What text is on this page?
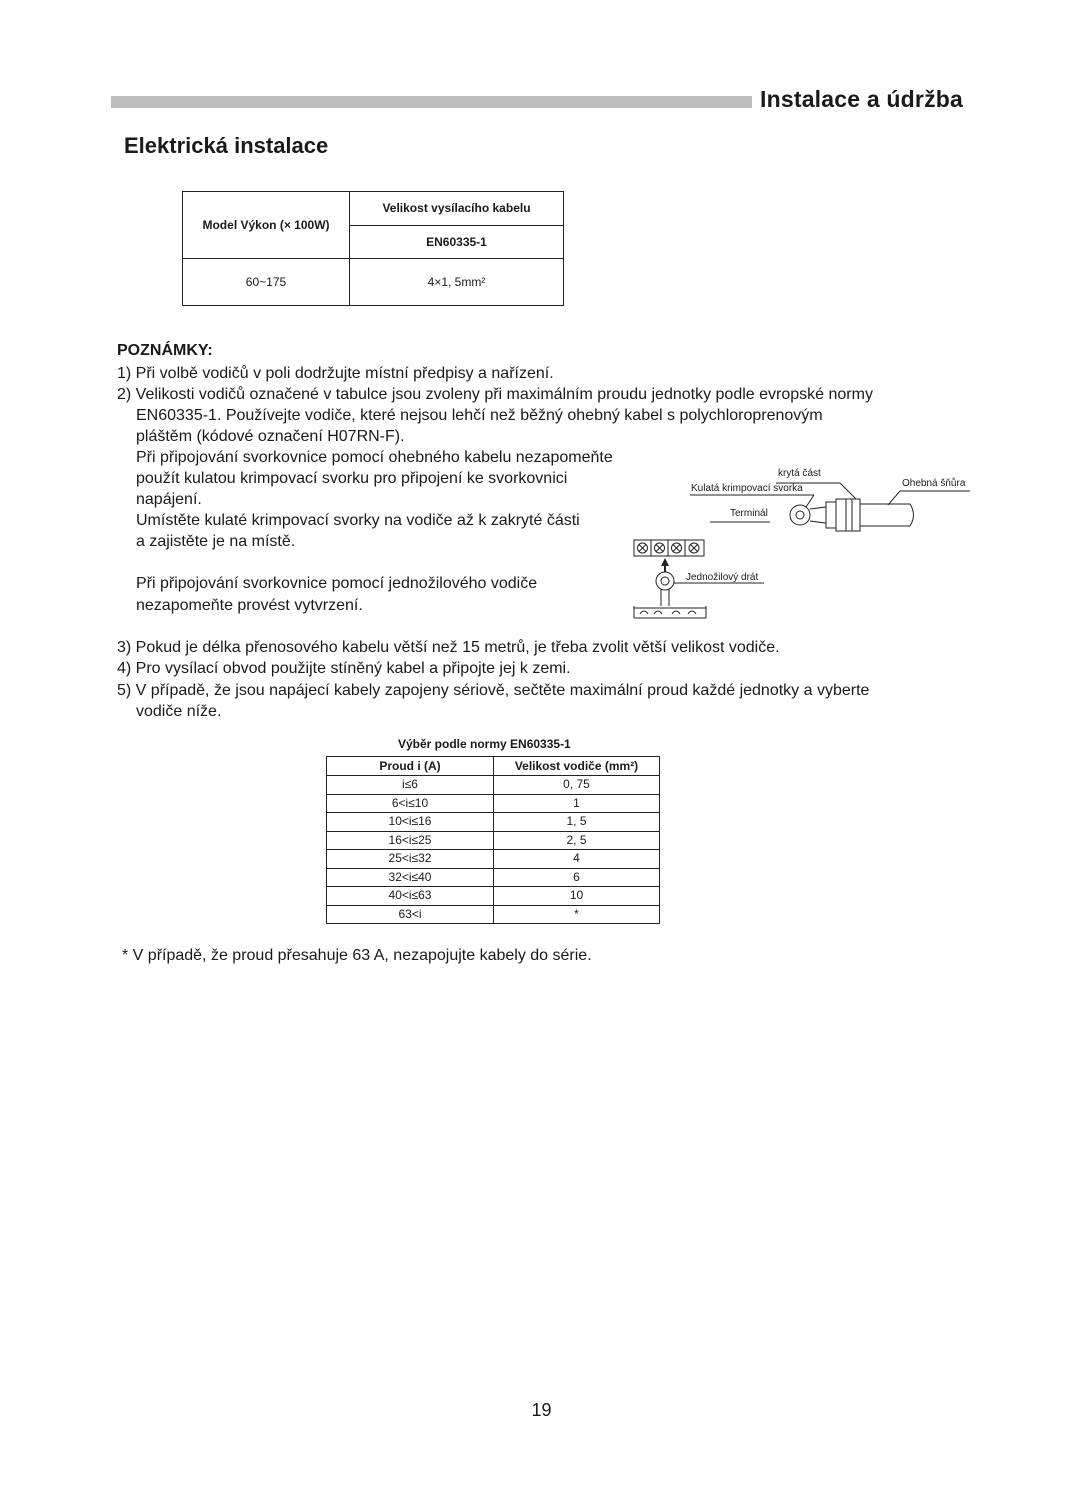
Instalace a údržba
Elektrická instalace
Model Výkon (× 100W)	Velikost vysílacího kabelu
	EN60335-1
60~175	4×1, 5mm²
POZNÁMKY:
1) Při volbě vodičů v poli dodržujte místní předpisy a nařízení.
2) Velikosti vodičů označené v tabulce jsou zvoleny při maximálním proudu jednotky podle evropské normy
EN60335-1. Používejte vodiče, které nejsou lehčí než běžný ohebný kabel s polychloroprenovým
pláštěm (kódové označení H07RN-F).
Při připojování svorkovnice pomocí ohebného kabelu nezapomeňte
použít kulatou krimpovací svorku pro připojení ke svorkovnici
napájení.
Umístěte kulaté krimpovací svorky na vodiče až k zakryté části
a zajistěte je na místě.
Při připojování svorkovnice pomocí jednožilového vodiče
nezapomeňte provést vytvrzení.
3) Pokud je délka přenosového kabelu větší než 15 metrů, je třeba zvolit větší velikost vodiče.
4) Pro vysílací obvod použijte stíněný kabel a připojte jej k zemi.
5) V případě, že jsou napájecí kabely zapojeny sériově, sečtěte maximální proud každé jednotky a vyberte
vodiče níže.
krytá část
Kulatá krimpovací svorka	Ohebná šňůra
Terminál
Jednožilový drát
Výběr podle normy EN60335-1
Proud i (A)	Velikost vodiče (mm²)
i≤6	0, 75
6<i≤10	1
10<i≤16	1, 5
16<i≤25	2, 5
25<i≤32	4
32<i≤40	6
40<i≤63	10
63<i	*
* V případě, že proud přesahuje 63 A, nezapojujte kabely do série.
19
